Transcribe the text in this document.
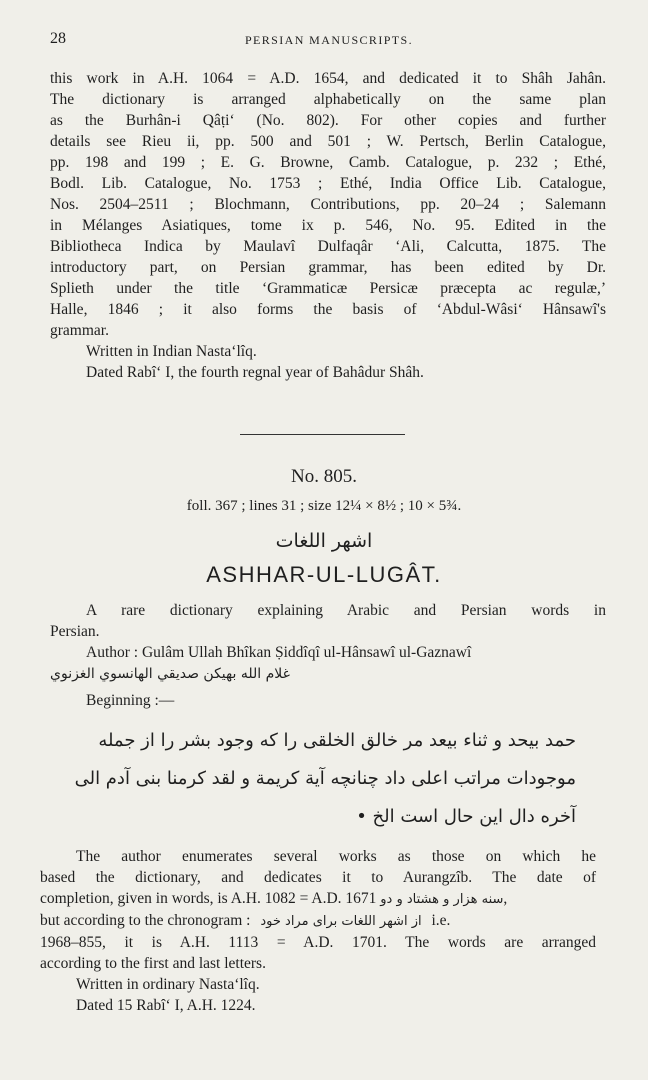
28	PERSIAN MANUSCRIPTS.
this work in A.H. 1064 = A.D. 1654, and dedicated it to Shâh Jahân.
The dictionary is arranged alphabetically on the same plan
as the Burhân-i Qâṭi‘ (No. 802). For other copies and further
details see Rieu ii, pp. 500 and 501 ; W. Pertsch, Berlin Catalogue,
pp. 198 and 199 ; E. G. Browne, Camb. Catalogue, p. 232 ; Ethé,
Bodl. Lib. Catalogue, No. 1753 ; Ethé, India Office Lib. Catalogue,
Nos. 2504–2511 ; Blochmann, Contributions, pp. 20–24 ; Salemann
in Mélanges Asiatiques, tome ix p. 546, No. 95. Edited in the
Bibliotheca Indica by Maulavî Dulfaqâr ‘Ali, Calcutta, 1875. The
introductory part, on Persian grammar, has been edited by Dr.
Splieth under the title ‘Grammaticæ Persicæ præcepta ac regulæ,’
Halle, 1846 ; it also forms the basis of ‘Abdul-Wâsi‘ Hânsawî's
grammar.
Written in Indian Nasta‘lîq.
Dated Rabî‘ I, the fourth regnal year of Bahâdur Shâh.
No. 805.
foll. 367 ; lines 31 ; size 12¼ × 8½ ; 10 × 5¾.
اشهر اللغات
ASHHAR-UL-LUGÂT.
A rare dictionary explaining Arabic and Persian words in
Persian.
Author : Gulâm Ullah Bhîkan Ṣiddîqî ul-Hânsawî ul-Gaznawî
غلام الله بهيكن صديقي الهانسوي الغزنوي
Beginning :—
حمد بيحد و ثناء بيعد مر خالق الخلقى را كه وجود بشر را از جمله
موجودات مراتب اعلى داد چنانچه آية كريمة و لقد كرمنا بنى آدم الى
آخره دال اين حال است الخ •
The author enumerates several works as those on which he
based the dictionary, and dedicates it to Aurangzîb. The date of
completion, given in words, is A.H. 1082 = A.D. 1671 سنه هزار و هشتاد و دو,
but according to the chronogram : از اشهر اللغات برای مراد خود i.e.
1968–855, it is A.H. 1113 = A.D. 1701. The words are arranged
according to the first and last letters.
Written in ordinary Nasta‘lîq.
Dated 15 Rabî‘ I, A.H. 1224.
